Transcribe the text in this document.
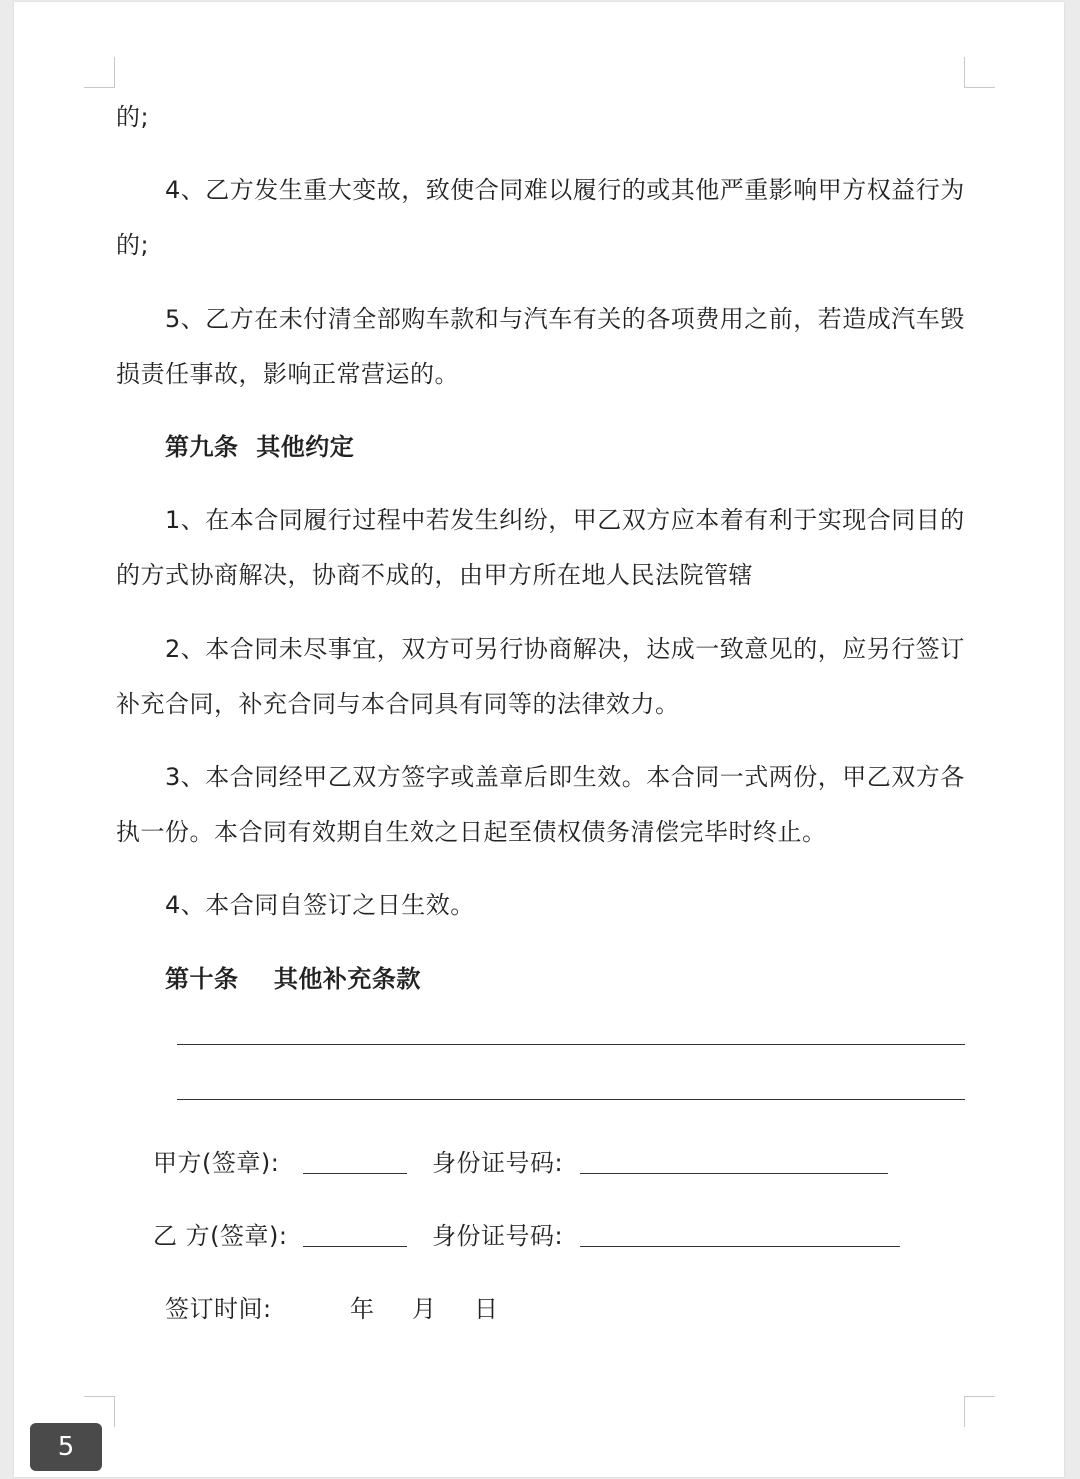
的;
4、乙方发生重大变故，致使合同难以履行的或其他严重影响甲方权益行为
的;
5、乙方在未付清全部购车款和与汽车有关的各项费用之前，若造成汽车毁
损责任事故，影响正常营运的。
第九条  其他约定
1、在本合同履行过程中若发生纠纷，甲乙双方应本着有利于实现合同目的
的方式协商解决，协商不成的，由甲方所在地人民法院管辖
2、本合同未尽事宜，双方可另行协商解决，达成一致意见的，应另行签订
补充合同，补充合同与本合同具有同等的法律效力。
3、本合同经甲乙双方签字或盖章后即生效。本合同一式两份，甲乙双方各
执一份。本合同有效期自生效之日起至债权债务清偿完毕时终止。
4、本合同自签订之日生效。
第十条    其他补充条款
甲方(签章):	身份证号码:
乙 方(签章):	身份证号码:
签订时间:	年 月 日
5
